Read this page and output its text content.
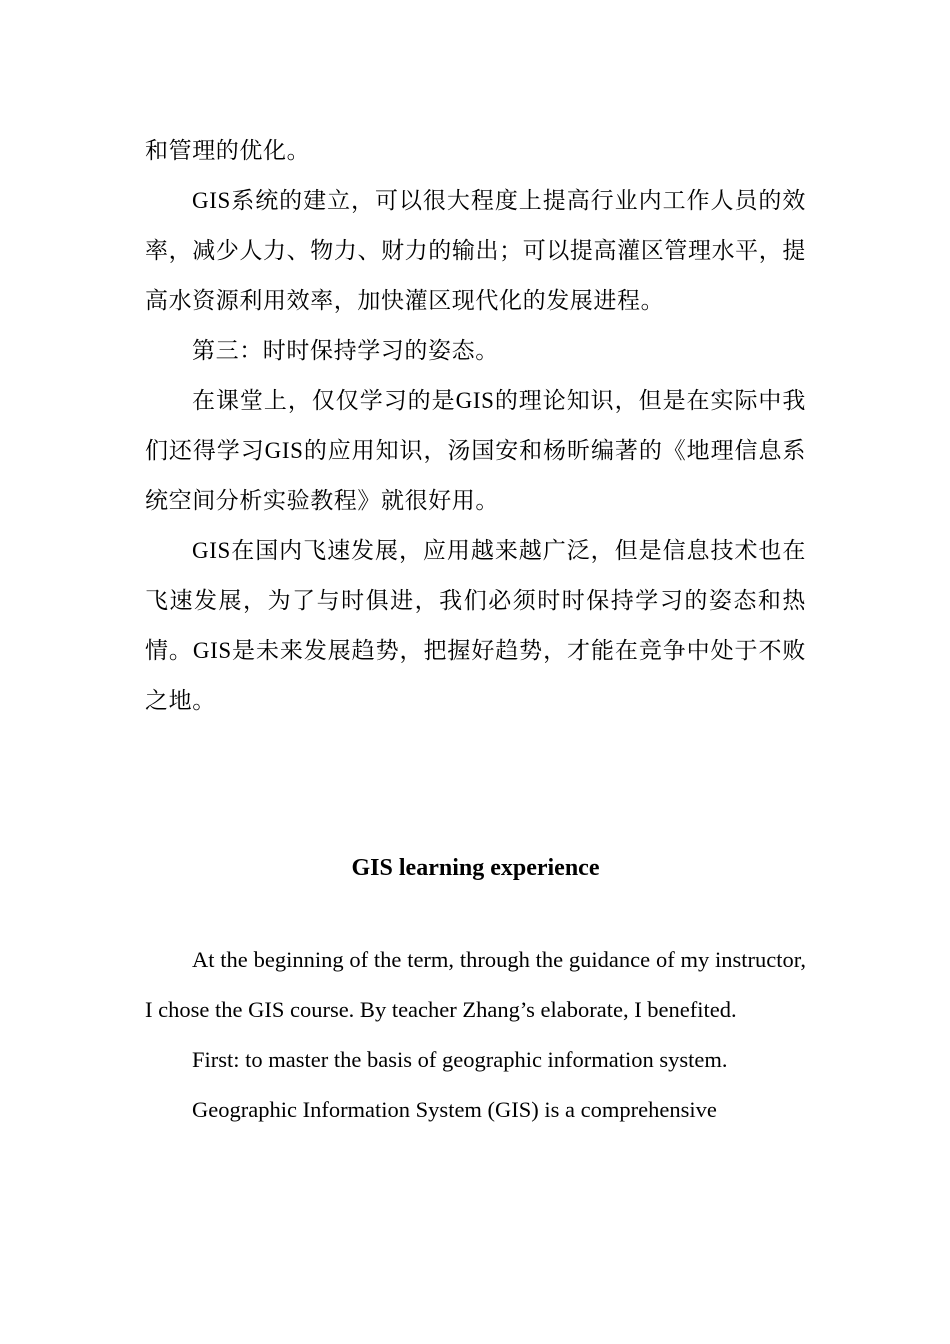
和管理的优化。

GIS系统的建立，可以很大程度上提高行业内工作人员的效率，减少人力、物力、财力的输出；可以提高灌区管理水平，提高水资源利用效率，加快灌区现代化的发展进程。

第三：时时保持学习的姿态。

在课堂上，仅仅学习的是GIS的理论知识，但是在实际中我们还得学习GIS的应用知识，汤国安和杨昕编著的《地理信息系统空间分析实验教程》就很好用。

GIS在国内飞速发展，应用越来越广泛，但是信息技术也在飞速发展，为了与时俱进，我们必须时时保持学习的姿态和热情。GIS是未来发展趋势，把握好趋势，才能在竞争中处于不败之地。

GIS learning experience

At the beginning of the term, through the guidance of my instructor, I chose the GIS course. By teacher Zhang’s elaborate, I benefited.

First: to master the basis of geographic information system.

Geographic Information System (GIS) is a comprehensive
